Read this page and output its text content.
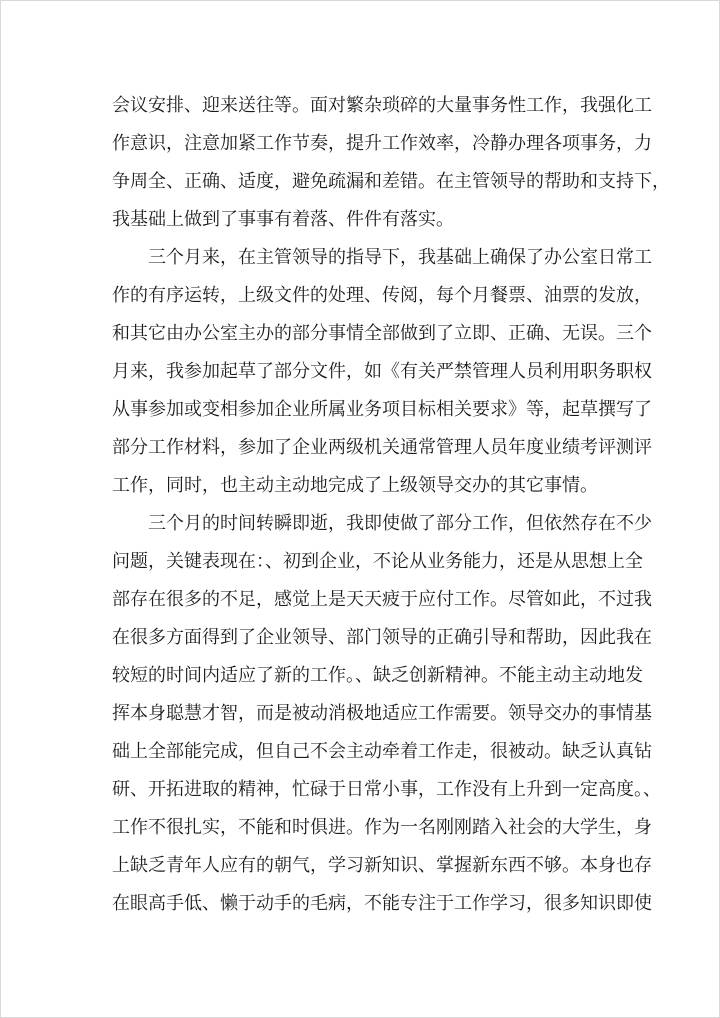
会议安排、迎来送往等。面对繁杂琐碎的大量事务性工作，我强化工
作意识，注意加紧工作节奏，提升工作效率，冷静办理各项事务，力
争周全、正确、适度，避免疏漏和差错。在主管领导的帮助和支持下，
我基础上做到了事事有着落、件件有落实。
三个月来，在主管领导的指导下，我基础上确保了办公室日常工
作的有序运转，上级文件的处理、传阅，每个月餐票、油票的发放，
和其它由办公室主办的部分事情全部做到了立即、正确、无误。三个
月来，我参加起草了部分文件，如《有关严禁管理人员利用职务职权
从事参加或变相参加企业所属业务项目标相关要求》等，起草撰写了
部分工作材料，参加了企业两级机关通常管理人员年度业绩考评测评
工作，同时，也主动主动地完成了上级领导交办的其它事情。
三个月的时间转瞬即逝，我即使做了部分工作，但依然存在不少
问题，关键表现在：、初到企业，不论从业务能力，还是从思想上全
部存在很多的不足，感觉上是天天疲于应付工作。尽管如此，不过我
在很多方面得到了企业领导、部门领导的正确引导和帮助，因此我在
较短的时间内适应了新的工作。、缺乏创新精神。不能主动主动地发
挥本身聪慧才智，而是被动消极地适应工作需要。领导交办的事情基
础上全部能完成，但自己不会主动牵着工作走，很被动。缺乏认真钻
研、开拓进取的精神，忙碌于日常小事，工作没有上升到一定高度。、
工作不很扎实，不能和时俱进。作为一名刚刚踏入社会的大学生，身
上缺乏青年人应有的朝气，学习新知识、掌握新东西不够。本身也存
在眼高手低、懒于动手的毛病，不能专注于工作学习，很多知识即使
